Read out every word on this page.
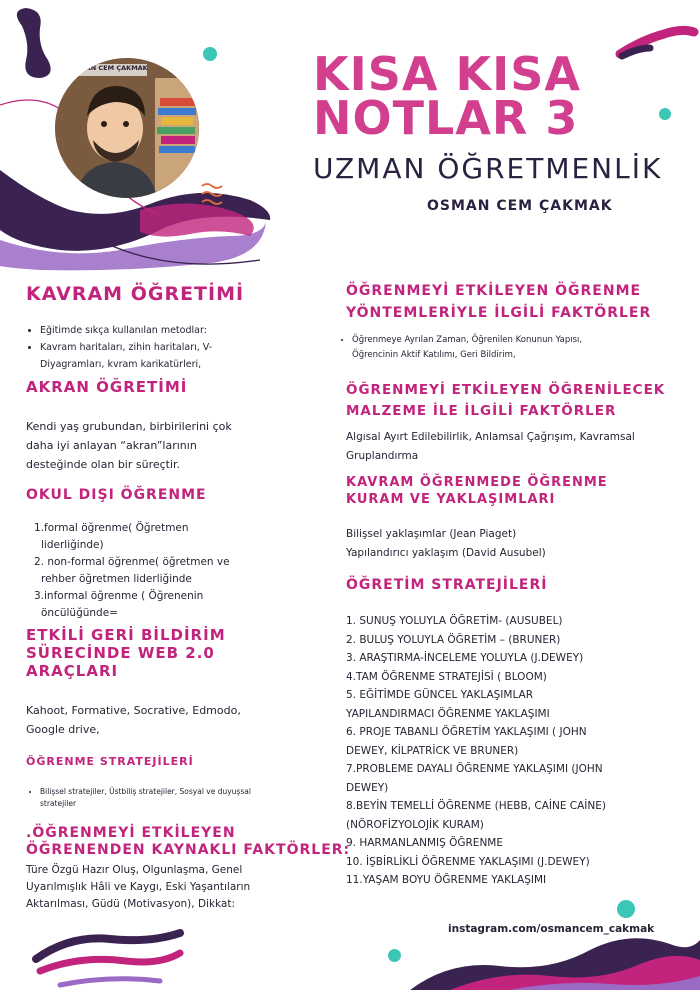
OSMAN CEM ÇAKMAK	KISA KISA
NOTLAR 3
UZMAN ÖĞRETMENLİK
OSMAN CEM ÇAKMAK
KAVRAM ÖĞRETİMİ
• Eğitimde sıkça kullanılan metodlar:
• Kavram haritaları, zihin haritaları, V-
Diyagramları, kvram karikatürleri,
AKRAN ÖĞRETİMİ
Kendi yaş grubundan, birbirilerini çok
daha iyi anlayan “akran”larının
desteğinde olan bir süreçtir.
OKUL DIŞI ÖĞRENME
1.formal öğrenme( Öğretmen
liderliğinde)
2. non-formal öğrenme( öğretmen ve
rehber öğretmen liderliğinde
3.informal öğrenme ( Öğrenenin
öncülüğünde=
ETKİLİ GERİ BİLDİRİM
SÜRECİNDE WEB 2.0
ARAÇLARI
Kahoot, Formative, Socrative, Edmodo,
Google drive,
ÖĞRENME STRATEJİLERİ
• Bilişsel stratejiler, Üstbiliş stratejiler, Sosyal ve duyuşsal
stratejiler
.ÖĞRENMEYİ ETKİLEYEN
ÖĞRENENDEN KAYNAKLI FAKTÖRLER:
Türe Özgü Hazır Oluş, Olgunlaşma, Genel
Uyarılmışlık Hâli ve Kaygı, Eski Yaşantıların
Aktarılması, Güdü (Motivasyon), Dikkat:
ÖĞRENMEYİ ETKİLEYEN ÖĞRENME
YÖNTEMLERİYLE İLGİLİ FAKTÖRLER
• Öğrenmeye Ayrılan Zaman, Öğrenilen Konunun Yapısı,
Öğrencinin Aktif Katılımı, Geri Bildirim,
ÖĞRENMEYİ ETKİLEYEN ÖĞRENİLECEK
MALZEME İLE İLGİLİ FAKTÖRLER
Algısal Ayırt Edilebilirlik, Anlamsal Çağrışım, Kavramsal
Gruplandırma
KAVRAM ÖĞRENMEDE ÖĞRENME
KURAM VE YAKLAŞIMLARI
Bilişsel yaklaşımlar (Jean Piaget)
Yapılandırıcı yaklaşım (David Ausubel)
ÖĞRETİM STRATEJİLERİ
1. SUNUŞ YOLUYLA ÖĞRETİM- (AUSUBEL)
2. BULUŞ YOLUYLA ÖĞRETİM – (BRUNER)
3. ARAŞTIRMA-İNCELEME YOLUYLA (J.DEWEY)
4.TAM ÖĞRENME STRATEJİSİ ( BLOOM)
5. EĞİTİMDE GÜNCEL YAKLAŞIMLAR
YAPILANDIRMACI ÖĞRENME YAKLAŞIMI
6. PROJE TABANLI ÖĞRETİM YAKLAŞIMI ( JOHN
DEWEY, KİLPATRİCK VE BRUNER)
7.PROBLEME DAYALI ÖĞRENME YAKLAŞIMI (JOHN
DEWEY)
8.BEYİN TEMELLİ ÖĞRENME (HEBB, CAİNE CAİNE)
(NÖROFİZYOLOJİK KURAM)
9. HARMANLANMIŞ ÖĞRENME
10. İŞBİRLİKLİ ÖĞRENME YAKLAŞIMI (J.DEWEY)
11.YAŞAM BOYU ÖĞRENME YAKLAŞIMI
instagram.com/osmancem_cakmak
